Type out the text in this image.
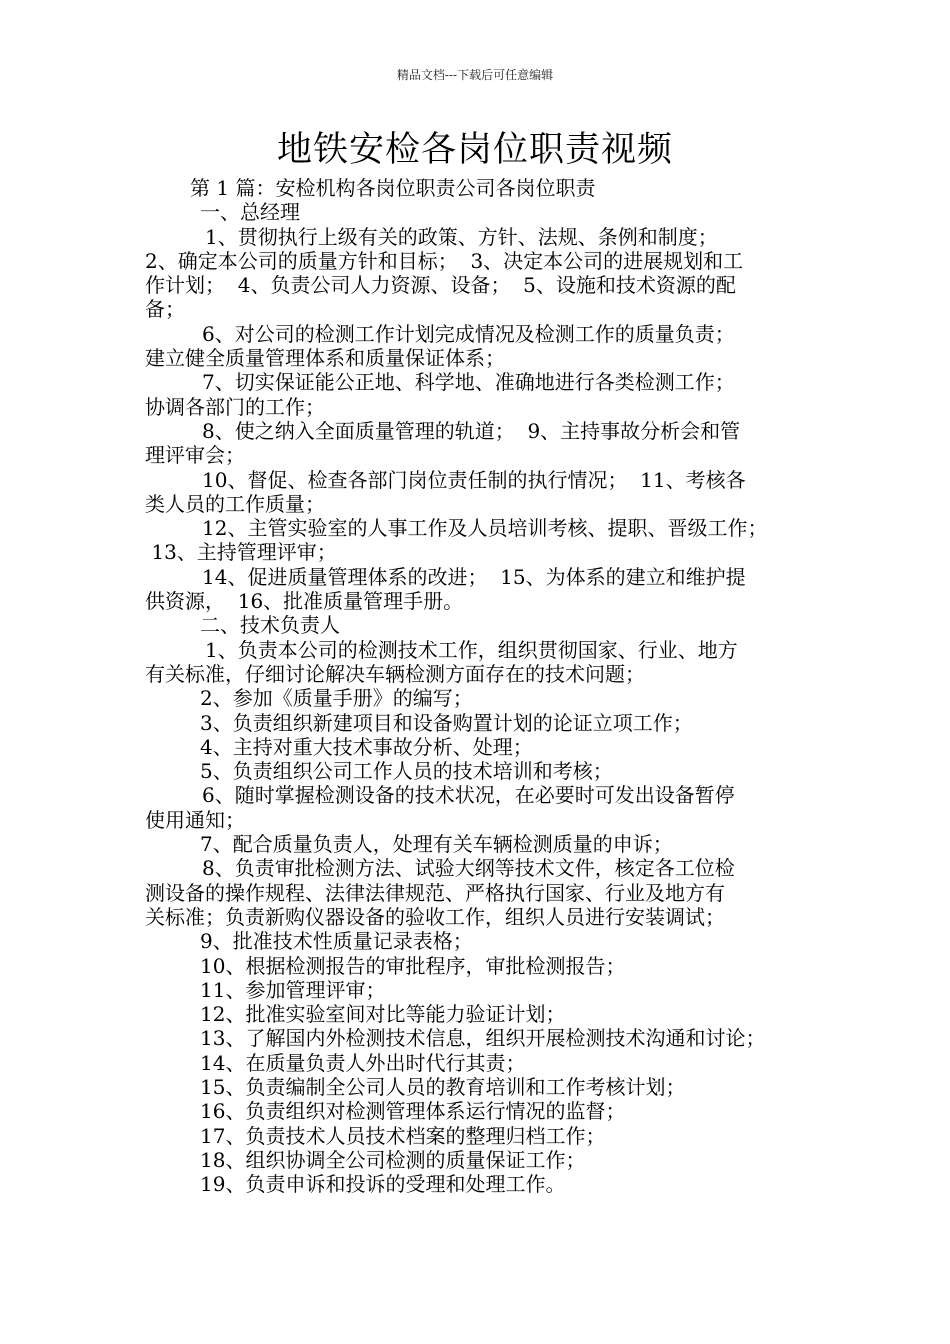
精品文档---下载后可任意编辑
地铁安检各岗位职责视频
第 1 篇：安检机构各岗位职责公司各岗位职责
一、总经理
1、贯彻执行上级有关的政策、方针、法规、条例和制度；
2、确定本公司的质量方针和目标；  3、决定本公司的进展规划和工
作计划；  4、负责公司人力资源、设备；  5、设施和技术资源的配
备；
6、对公司的检测工作计划完成情况及检测工作的质量负责；
建立健全质量管理体系和质量保证体系；
7、切实保证能公正地、科学地、准确地进行各类检测工作；
协调各部门的工作；
8、使之纳入全面质量管理的轨道；  9、主持事故分析会和管
理评审会；
10、督促、检查各部门岗位责任制的执行情况；  11、考核各
类人员的工作质量；
12、主管实验室的人事工作及人员培训考核、提职、晋级工作；
13、主持管理评审；
14、促进质量管理体系的改进；  15、为体系的建立和维护提
供资源，  16、批准质量管理手册。
二、技术负责人
1、负责本公司的检测技术工作，组织贯彻国家、行业、地方
有关标准，仔细讨论解决车辆检测方面存在的技术问题；
2、参加《质量手册》的编写；
3、负责组织新建项目和设备购置计划的论证立项工作；
4、主持对重大技术事故分析、处理；
5、负责组织公司工作人员的技术培训和考核；
6、随时掌握检测设备的技术状况，在必要时可发出设备暂停
使用通知；
7、配合质量负责人，处理有关车辆检测质量的申诉；
8、负责审批检测方法、试验大纲等技术文件，核定各工位检
测设备的操作规程、法律法律规范、严格执行国家、行业及地方有
关标准；负责新购仪器设备的验收工作，组织人员进行安装调试；
9、批准技术性质量记录表格；
10、根据检测报告的审批程序，审批检测报告；
11、参加管理评审；
12、批准实验室间对比等能力验证计划；
13、了解国内外检测技术信息，组织开展检测技术沟通和讨论；
14、在质量负责人外出时代行其责；
15、负责编制全公司人员的教育培训和工作考核计划；
16、负责组织对检测管理体系运行情况的监督；
17、负责技术人员技术档案的整理归档工作；
18、组织协调全公司检测的质量保证工作；
19、负责申诉和投诉的受理和处理工作。
